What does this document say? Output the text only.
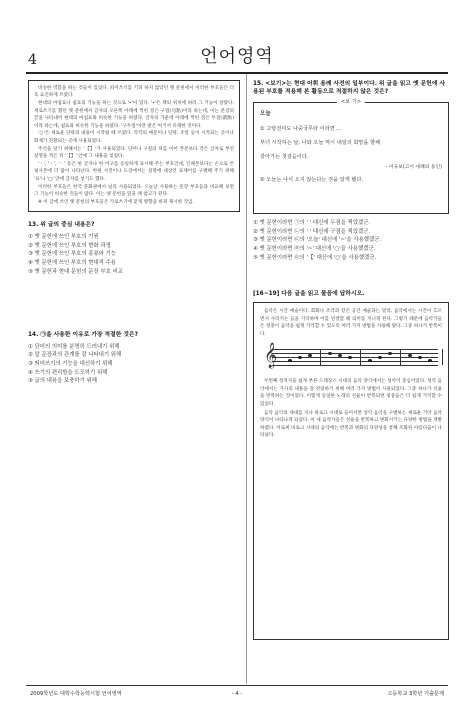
4	언어영역

비슷한 역할을 하는 것들이 있었다. 띄어쓰기를 기피 하지 않았던 옛 문헌에서 이러한 부호들은 더욱 요긴하게 쓰였다.

현대의 마침표나 쉼표의 기능을 하는 것으로 '•'이 있다. '•'은 책의 위치에 따라 그 기능이 달랐다. 세로쓰기를 했던 옛 문헌에서 글자의 오른쪽 아래에 찍힌 점은 구점(句點)이라 하는데, 이는 문장의 끝을 나타내어 현대의 마침표와 비슷한 기능을 하였다. 글자의 가운데 아래에 찍힌 점은 두점(讀點)이라 하는데, 쉼표와 비슷한 기능을 하였다. '구두점'이란 말은 여기서 유래한 것이다.

'○'은 새로운 단락의 내용이 시작될 때 쓰였다. 각각의 예문이나 단락, 조항 등이 시작되는 곳이나 화제가 전환되는 곳에 사용되었다.

주석을 달기 위해서는 '【】'가 사용되었다. 단어나 구절의 뒤를 이어 본문보다 작은 글자로 부연 설명을 적은 뒤 '【】' 안에 그 내용을 넣었다.

'ㆍ', 'ㆍ', 'ㆍ' 등은 한 글자나 한 어구를 동일하게 표시해 주는 부호인데, 인쇄본보다는 손으로 쓴 필사본에 더 많이 나타난다. 한편 사진이나 도장에서는 설명에 대상인 표제어를 구별해 주기 위해 '표'나 '□' 안에 글자를 넣기도 했다.

이러한 부호들은 한국 문화권에서 널리 사용되었다. 오늘날 사용하는 문장 부호들과 비교해 보면 그 기능이 비슷한 것들이 많다. 이는 옛 문헌을 읽을 때 참고가 된다.

※ 이 글에 쓰인 옛 문헌의 부호들은 가로쓰기에 맞게 방향을 바꿔 제시한 것임.

13. 위 글의 중심 내용은?
① 옛 문헌에 쓰인 부호의 기원
② 옛 문헌에 쓰인 부호의 변화 과정
③ 옛 문헌에 쓰인 부호의 종류와 기능
④ 옛 문헌에 쓰인 부호의 현대적 수용
⑤ 옛 문헌과 현대 문헌의 문장 부호 비교
14. ㉠을 사용한 이유로 가장 적절한 것은?
① 단어의 의미를 분명히 드러내기 위해
② 앞 문장과의 관계를 잘 나타내기 위해
③ 띄어쓰기의 기능을 대신하기 위해
④ 쓰기의 편리함을 도모하기 위해
⑤ 글의 내용을 보충하기 위해
15. <보기>는 현대 어휘 용례 사전의 일부이다. 위 글을 읽고 옛 문헌에 사용된 부호를 적용해 본 활동으로 적절하지 않은 것은?
<보 기>
오늘
① 고랑전미도 나중국무타 이라면 ...
부녀 시작하는 날, 나와 오늘 역시 내일의 회망을 향해
갈아가는 첫걸음이다.
- 이규보(고서 새해의 동인)
⑤ 오늘는 나서 오지 않는다는 것을 알게 됐다.
① 옛 문헌이라면 ㉠의 ' ' 대신에 두점을 찍었겠군.
② 옛 문헌이라면 ㉡의 ' ' 대신에 구점을 찍었겠군.
③ 옛 문헌이라면 ㉢의 '오늘' 대신에 '~'을 사용했겠군.
④ 옛 문헌이라면 ㉣의 '~' 대신에 '○'을 사용했겠군.
⑤ 옛 문헌이라면 ㉤의 '【' 대신에 '○'을 사용했겠군.
[16~19] 다음 글을 읽고 물음에 답하시오.

음악은 시간 예술이다. 회화나 조각과 같은 공간 예술과는 달리, 음악에서는 시간이 흐르면서 사라지는 음을 기억하며 이를 연결할 때 의미를 지니게 된다. 그렇기 때문에 음악가들은 청중이 음악을 쉽게 기억할 수 있도록 여러 가지 방법을 사용해 왔다. 그중 하나가 반복이다.

𝄞

두번째 성격지을 쉽게 부른 드레장스 시대의 음악 양식에서는 성악이 중심이었다. 성악 음악에서는 가사의 내용을 잘 전달하기 위해 여러 가지 방법이 사용되었다. 그중 하나가 선율을 반복하는 것이었다. 이렇게 동일한 노래의 선율이 반복되면 청중들은 더 쉽게 기억할 수 있었다.

음악 음악의 새대를 지나 바로크 시대로 들어서면 성악 음악을 구별하는 새로운 기악 음악 양식이 나타나게 되었다. 이 새 음악가들은 선율을 반복하고 변화시키는 다양한 방법을 개발하였다. 이로써 바로크 시대의 음악에는 반복과 변화의 다양성을 통해 조화된 아름다움이 나타났다.

2009학년도 대학수학능력시험 언어영역	- 4 -	고등학교 3학년 기출문제
